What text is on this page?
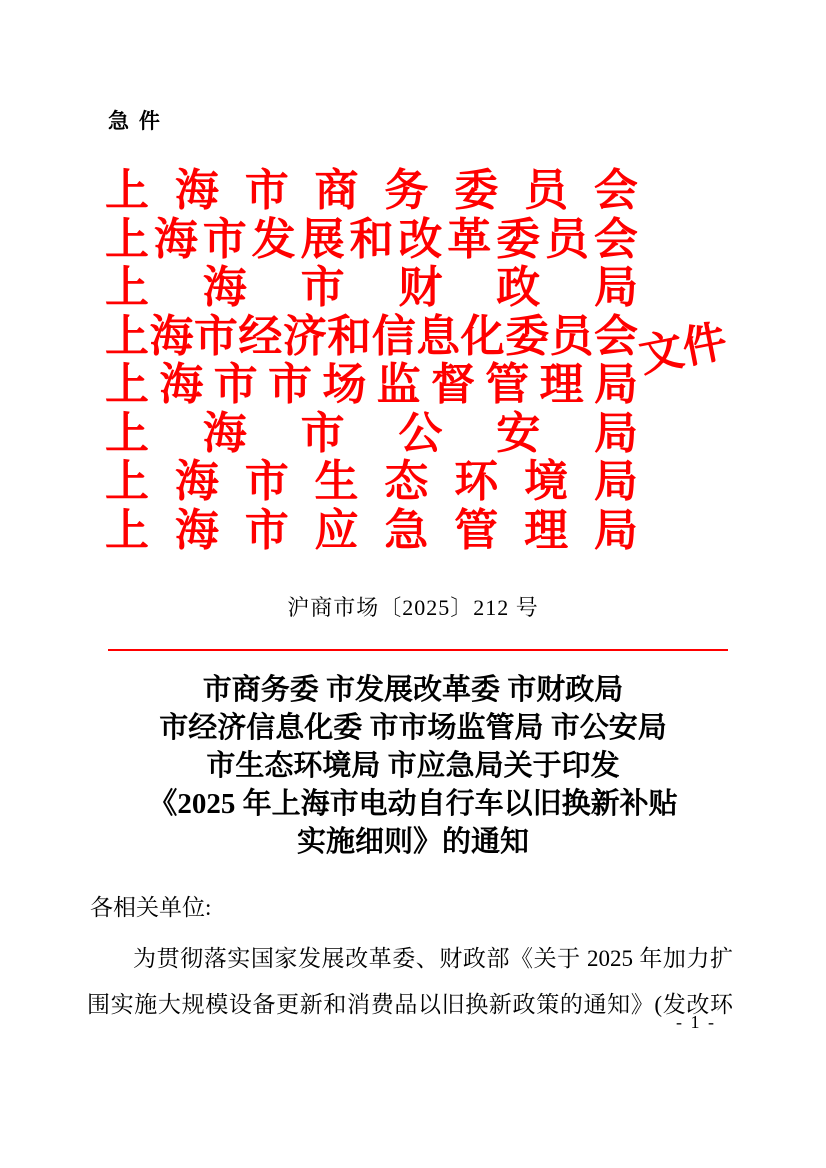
急 件
上 海 市 商 务 委 员 会
上 海 市 发 展 和 改 革 委 员 会
上 海 市 财 政 局
上 海 市 经 济 和 信 息 化 委 员 会
上 海 市 市 场 监 督 管 理 局
上 海 市 公 安 局
上 海 市 生 态 环 境 局
上 海 市 应 急 管 理 局
文件
沪商市场〔2025〕212 号
市商务委 市发展改革委 市财政局
市经济信息化委 市市场监管局 市公安局
市生态环境局 市应急局关于印发
《2025 年上海市电动自行车以旧换新补贴
实施细则》的通知
各相关单位:
为贯彻落实国家发展改革委、财政部《关于 2025 年加力扩
围实施大规模设备更新和消费品以旧换新政策的通知》(发改环
- 1 -
